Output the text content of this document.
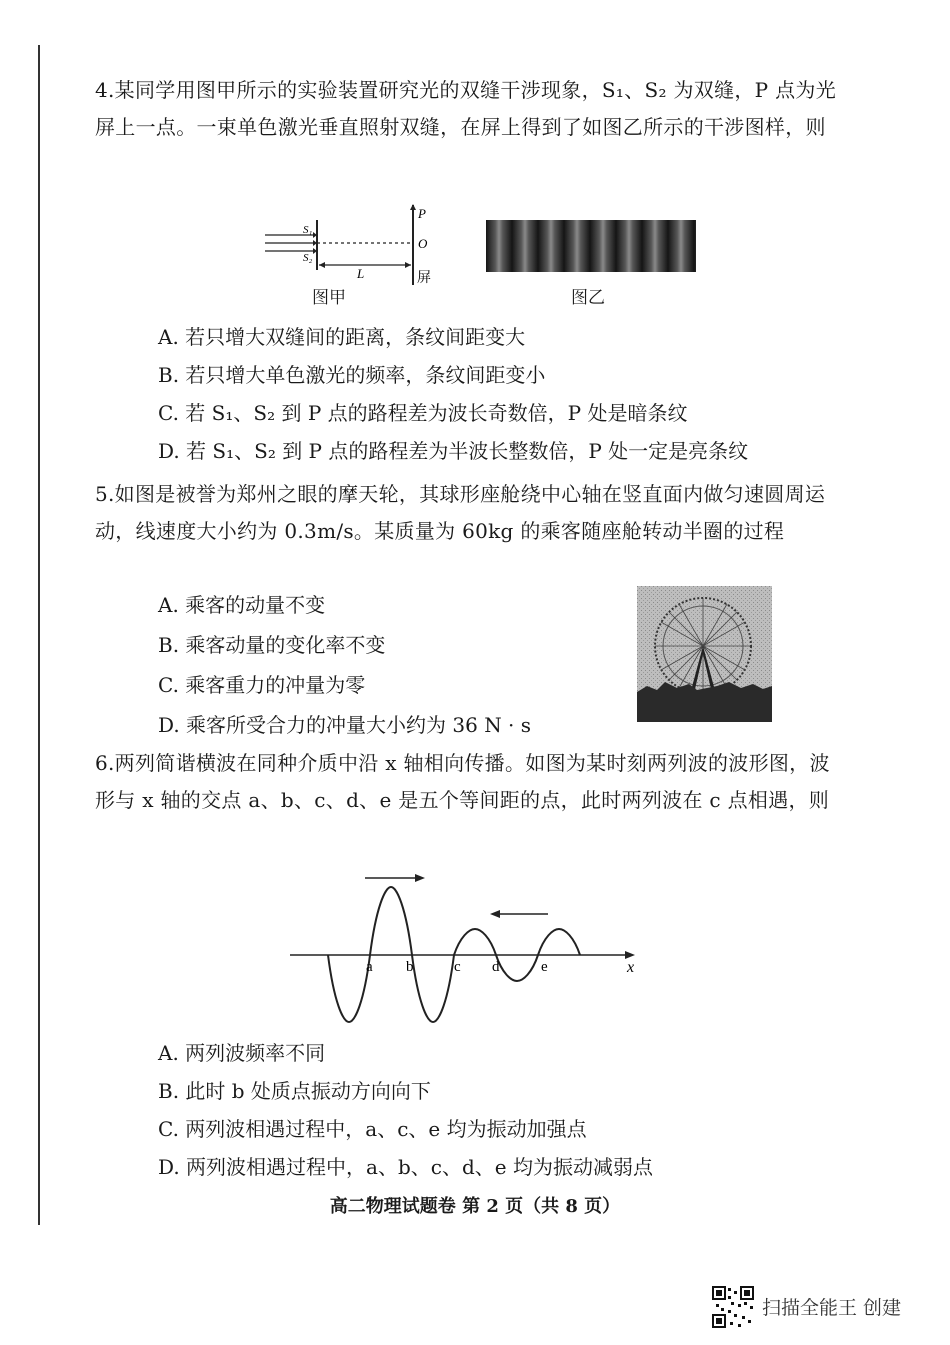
4.某同学用图甲所示的实验装置研究光的双缝干涉现象，S₁、S₂ 为双缝，P 点为光屏上一点。一束单色激光垂直照射双缝，在屏上得到了如图乙所示的干涉图样，则
S₁
S₂
P
O
L	屏
图甲	图乙
A. 若只增大双缝间的距离，条纹间距变大
B. 若只增大单色激光的频率，条纹间距变小
C. 若 S₁、S₂ 到 P 点的路程差为波长奇数倍，P 处是暗条纹
D. 若 S₁、S₂ 到 P 点的路程差为半波长整数倍，P 处一定是亮条纹
5.如图是被誉为郑州之眼的摩天轮，其球形座舱绕中心轴在竖直面内做匀速圆周运动，线速度大小约为 0.3m/s。某质量为 60kg 的乘客随座舱转动半圈的过程
A. 乘客的动量不变
B. 乘客动量的变化率不变
C. 乘客重力的冲量为零
D. 乘客所受合力的冲量大小约为 36 N · s
6.两列简谐横波在同种介质中沿 x 轴相向传播。如图为某时刻两列波的波形图，波形与 x 轴的交点 a、b、c、d、e 是五个等间距的点，此时两列波在 c 点相遇，则
a b	c d	e	x
A. 两列波频率不同
B. 此时 b 处质点振动方向向下
C. 两列波相遇过程中，a、c、e 均为振动加强点
D. 两列波相遇过程中，a、b、c、d、e 均为振动减弱点
高二物理试题卷 第 2 页（共 8 页）
扫描全能王 创建
